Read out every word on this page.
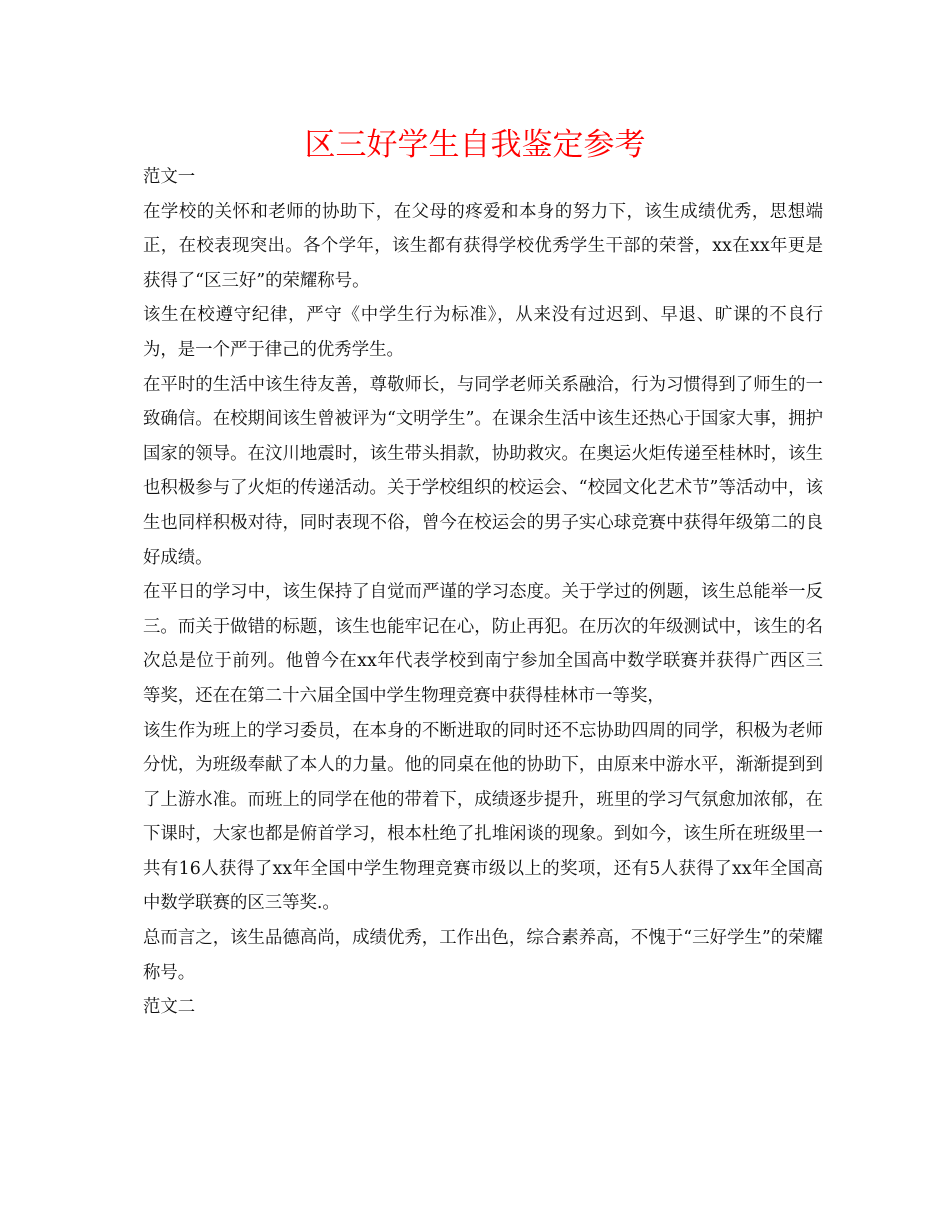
区三好学生自我鉴定参考

范文一

在学校的关怀和老师的协助下，在父母的疼爱和本身的努力下，该生成绩优秀，思想端正，在校表现突出。各个学年，该生都有获得学校优秀学生干部的荣誉，xx在xx年更是获得了“区三好”的荣耀称号。

该生在校遵守纪律，严守《中学生行为标准》，从来没有过迟到、早退、旷课的不良行为，是一个严于律己的优秀学生。

在平时的生活中该生待友善，尊敬师长，与同学老师关系融洽，行为习惯得到了师生的一致确信。在校期间该生曾被评为“文明学生”。在课余生活中该生还热心于国家大事，拥护国家的领导。在汶川地震时，该生带头捐款，协助救灾。在奥运火炬传递至桂林时，该生也积极参与了火炬的传递活动。关于学校组织的校运会、“校园文化艺术节”等活动中，该生也同样积极对待，同时表现不俗，曾今在校运会的男子实心球竞赛中获得年级第二的良好成绩。

在平日的学习中，该生保持了自觉而严谨的学习态度。关于学过的例题，该生总能举一反三。而关于做错的标题，该生也能牢记在心，防止再犯。在历次的年级测试中，该生的名次总是位于前列。他曾今在xx年代表学校到南宁参加全国高中数学联赛并获得广西区三等奖，还在在第二十六届全国中学生物理竞赛中获得桂林市一等奖，

该生作为班上的学习委员，在本身的不断进取的同时还不忘协助四周的同学，积极为老师分忧，为班级奉献了本人的力量。他的同桌在他的协助下，由原来中游水平，渐渐提到到了上游水准。而班上的同学在他的带着下，成绩逐步提升，班里的学习气氛愈加浓郁，在下课时，大家也都是俯首学习，根本杜绝了扎堆闲谈的现象。到如今，该生所在班级里一共有16人获得了xx年全国中学生物理竞赛市级以上的奖项，还有5人获得了xx年全国高中数学联赛的区三等奖.。

总而言之，该生品德高尚，成绩优秀，工作出色，综合素养高，不愧于“三好学生”的荣耀称号。

范文二
